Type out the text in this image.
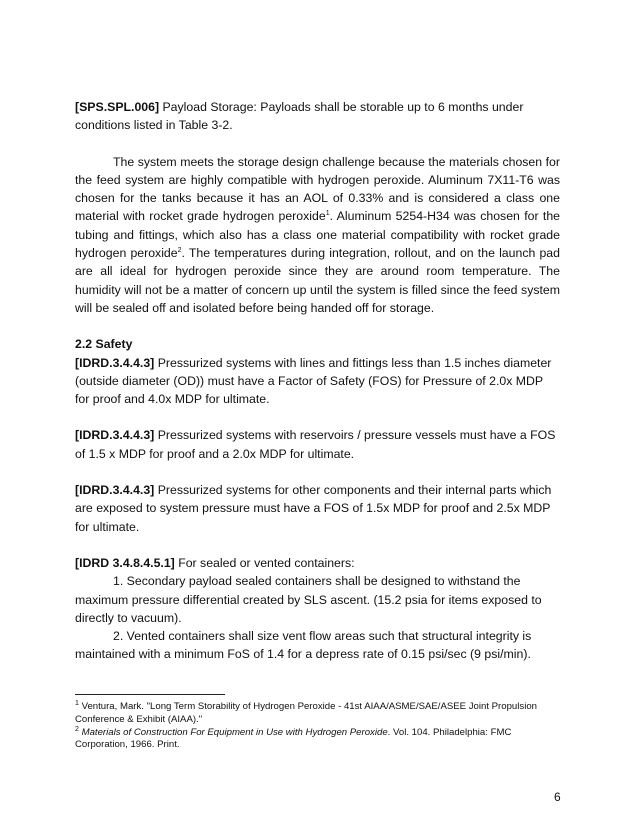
[SPS.SPL.006] Payload Storage: Payloads shall be storable up to 6 months under conditions listed in Table 3-2.

The system meets the storage design challenge because the materials chosen for the feed system are highly compatible with hydrogen peroxide. Aluminum 7X11-T6 was chosen for the tanks because it has an AOL of 0.33% and is considered a class one material with rocket grade hydrogen peroxide$^1$. Aluminum 5254-H34 was chosen for the tubing and fittings, which also has a class one material compatibility with rocket grade hydrogen peroxide$^2$. The temperatures during integration, rollout, and on the launch pad are all ideal for hydrogen peroxide since they are around room temperature. The humidity will not be a matter of concern up until the system is filled since the feed system will be sealed off and isolated before being handed off for storage.

2.2 Safety

[IDRD.3.4.4.3] Pressurized systems with lines and fittings less than 1.5 inches diameter (outside diameter (OD)) must have a Factor of Safety (FOS) for Pressure of 2.0x MDP for proof and 4.0x MDP for ultimate.

[IDRD.3.4.4.3] Pressurized systems with reservoirs / pressure vessels must have a FOS of 1.5 x MDP for proof and a 2.0x MDP for ultimate.

[IDRD.3.4.4.3] Pressurized systems for other components and their internal parts which are exposed to system pressure must have a FOS of 1.5x MDP for proof and 2.5x MDP for ultimate.

[IDRD 3.4.8.4.5.1] For sealed or vented containers:

1. Secondary payload sealed containers shall be designed to withstand the maximum pressure differential created by SLS ascent. (15.2 psia for items exposed to directly to vacuum).

2. Vented containers shall size vent flow areas such that structural integrity is maintained with a minimum FoS of 1.4 for a depress rate of 0.15 psi/sec (9 psi/min).

$^1$ Ventura, Mark. "Long Term Storability of Hydrogen Peroxide - 41st AIAA/ASME/SAE/ASEE Joint Propulsion Conference & Exhibit (AIAA)."

$^2$ Materials of Construction For Equipment in Use with Hydrogen Peroxide. Vol. 104. Philadelphia: FMC Corporation, 1966. Print.

6
